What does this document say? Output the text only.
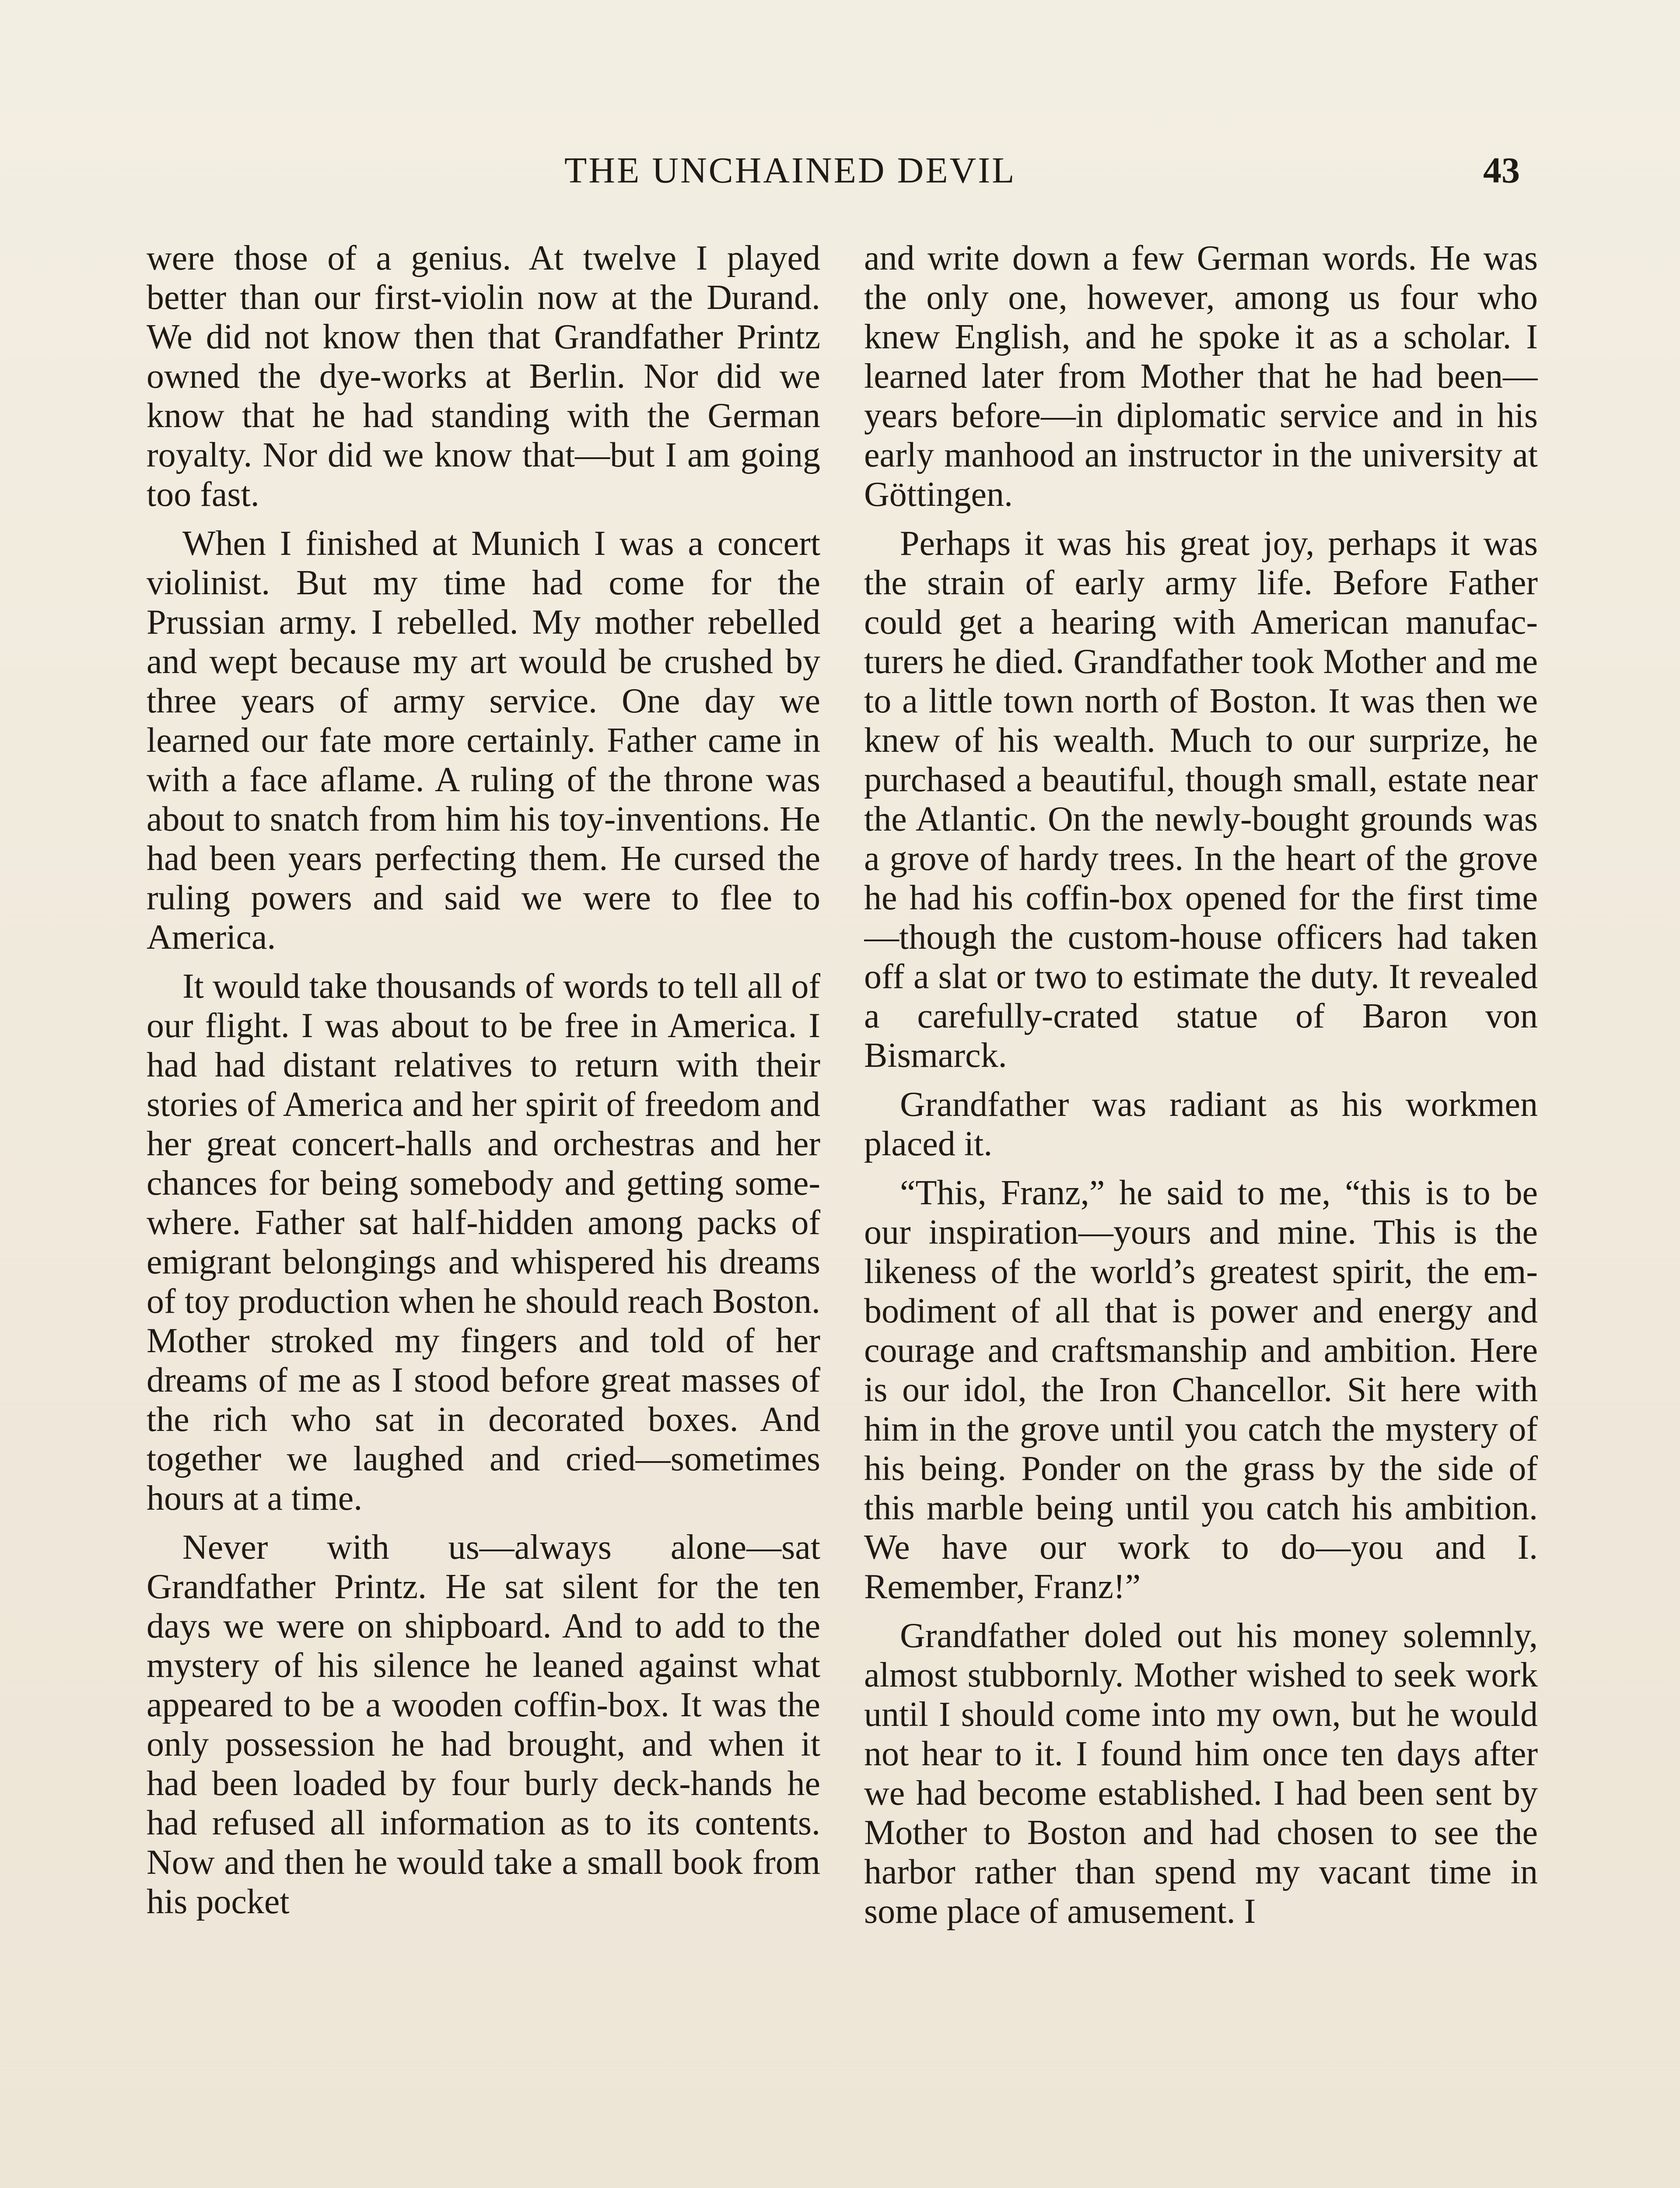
THE UNCHAINED DEVIL	43

were those of a genius. At twelve I played better than our first-violin now at the Durand. We did not know then that Grandfather Printz owned the dye-works at Berlin. Nor did we know that he had standing with the German royalty. Nor did we know that—but I am going too fast.

When I finished at Munich I was a concert violinist. But my time had come for the Prussian army. I rebelled. My mother rebelled and wept because my art would be crushed by three years of army service. One day we learned our fate more certainly. Father came in with a face aflame. A ruling of the throne was about to snatch from him his toy-inventions. He had been years perfecting them. He cursed the ruling powers and said we were to flee to America.

It would take thousands of words to tell all of our flight. I was about to be free in America. I had had distant relatives to return with their stories of America and her spirit of freedom and her great concert-halls and orchestras and her chances for being somebody and getting somewhere. Father sat half-hidden among packs of emigrant belongings and whispered his dreams of toy production when he should reach Boston. Mother stroked my fingers and told of her dreams of me as I stood before great masses of the rich who sat in decorated boxes. And together we laughed and cried—sometimes hours at a time.

Never with us—always alone—sat Grandfather Printz. He sat silent for the ten days we were on shipboard. And to add to the mystery of his silence he leaned against what appeared to be a wooden coffin-box. It was the only possession he had brought, and when it had been loaded by four burly deck-hands he had refused all information as to its contents. Now and then he would take a small book from his pocket

and write down a few German words. He was the only one, however, among us four who knew English, and he spoke it as a scholar. I learned later from Mother that he had been—years before—in diplomatic service and in his early manhood an instructor in the university at Göttingen.

Perhaps it was his great joy, perhaps it was the strain of early army life. Before Father could get a hearing with American manufacturers he died. Grandfather took Mother and me to a little town north of Boston. It was then we knew of his wealth. Much to our surprize, he purchased a beautiful, though small, estate near the Atlantic. On the newly-bought grounds was a grove of hardy trees. In the heart of the grove he had his coffin-box opened for the first time—though the custom-house officers had taken off a slat or two to estimate the duty. It revealed a carefully-crated statue of Baron von Bismarck.

Grandfather was radiant as his workmen placed it.

“This, Franz,” he said to me, “this is to be our inspiration—yours and mine. This is the likeness of the world’s greatest spirit, the embodiment of all that is power and energy and courage and craftsmanship and ambition. Here is our idol, the Iron Chancellor. Sit here with him in the grove until you catch the mystery of his being. Ponder on the grass by the side of this marble being until you catch his ambition. We have our work to do—you and I. Remember, Franz!”

Grandfather doled out his money solemnly, almost stubbornly. Mother wished to seek work until I should come into my own, but he would not hear to it. I found him once ten days after we had become established. I had been sent by Mother to Boston and had chosen to see the harbor rather than spend my vacant time in some place of amusement. I
